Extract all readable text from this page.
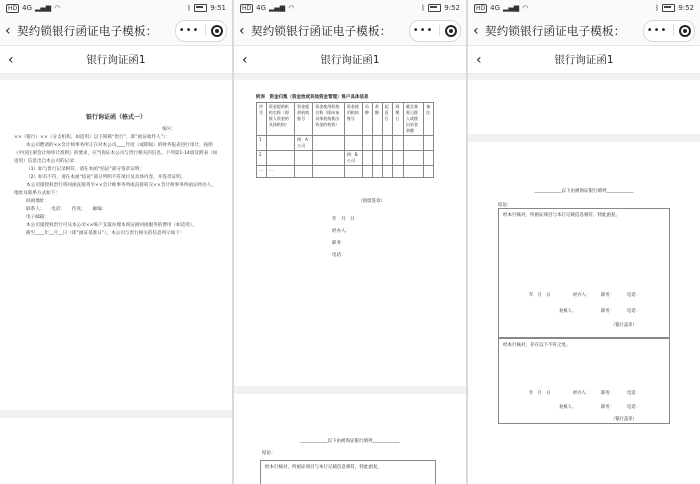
HD 4G ▂▄▆ ◠	ᛒ	9:51
‹ 契约锁银行函证电子模板：	•••
‹	银行询证函1
银行询证函（格式一）
编号：

××（银行）××（分支机构，如适用）以下简称“贵行”，即“函证收件人”）：

本公司聘请的××会计师事务所正在对本公司____年度（或期间）的财务报表进行审计，按照《中国注册会计师审计准则》的要求，应当询证本公司与贵行相关的信息。下列第1-14项及附表（如适用）信息出自本公司的记录：

（1）如与贵行记录相符，请在本函“结论”部分签章证明；

（2）如有不符，请在本函“结论”部分列明不符项目及具体内容，并签章证明。

本公司谨授权贵行将回函直接寄至××会计师事务所或直接转交××会计师事务所函证经办人，地址及联系方式如下：

回函地址：

联系人：　　电话：　　传真：　　邮编：

电子邮箱：

本公司谨授权贵行可从本公司××账户支取办理本询证函回函服务的费用（如适用）。

截至____年__月__日（即“函证基准日”），本公司与贵行相关的信息列示如下：

HD 4G ▂▄▆ ◠	ᛒ	9:52
‹ 契约锁银行函证电子模板：	•••
‹	银行询证函1
附表　资金归集（资金池或其他资金管理）账户具体信息
序号	资金提供机构名称（即拨入资金的具体机构）	资金提供机构账号	资金使用机构名称（即向该具体机构拨出资金的机构）	资金使用机构账号	币种	余额	起息日	到期日	截至基准日拨入或拨出资金余额	备注
1		例：A公司								
2				例：B公司						
…	…									
（预留签章）
年　月　日
经办人：
职务：
电话：
____________以下由被询证银行填列____________
结论：
经本行核对，所函证项目与本行记载信息相符，特此函复。
HD 4G ▂▄▆ ◠	ᛒ	9:52
‹ 契约锁银行函证电子模板：	•••
‹	银行询证函1
____________以下由被询证银行填列____________
结论：
经本行核对，所函证项目与本行记载信息相符，特此函复。
年　月　日	经办人：	职务：	电话：
复核人：	职务：	电话：
（银行盖章）
经本行核对，存在以下不符之处。
年　月　日	经办人：	职务：	电话：
复核人：	职务：	电话：
（银行盖章）
